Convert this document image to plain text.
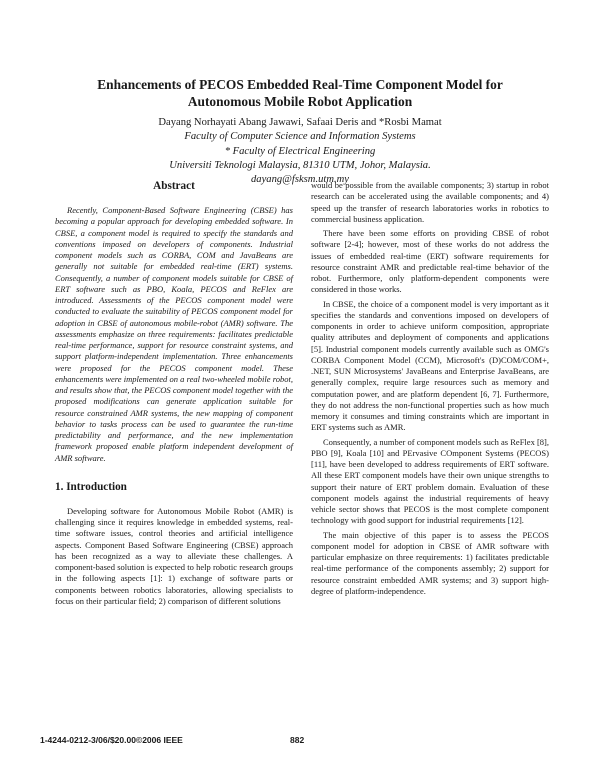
Enhancements of PECOS Embedded Real-Time Component Model for Autonomous Mobile Robot Application
Dayang Norhayati Abang Jawawi, Safaai Deris and *Rosbi Mamat
Faculty of Computer Science and Information Systems
* Faculty of Electrical Engineering
Universiti Teknologi Malaysia, 81310 UTM, Johor, Malaysia.
dayang@fsksm.utm.my
Abstract

Recently, Component-Based Software Engineering (CBSE) has becoming a popular approach for developing embedded software. In CBSE, a component model is required to specify the standards and conventions imposed on developers of components. Industrial component models such as CORBA, COM and JavaBeans are generally not suitable for embedded real-time (ERT) systems. Consequently, a number of component models suitable for CBSE of ERT software such as PBO, Koala, PECOS and ReFlex are introduced. Assessments of the PECOS component model were conducted to evaluate the suitability of PECOS component model for adoption in CBSE of autonomous mobile-robot (AMR) software. The assessments emphasize on three requirements: facilitates predictable real-time performance, support for resource constraint systems, and support platform-independent implementation. Three enhancements were proposed for the PECOS component model. These enhancements were implemented on a real two-wheeled mobile robot, and results show that, the PECOS component model together with the proposed modifications can generate application suitable for resource constrained AMR systems, the new mapping of component behavior to tasks process can be used to guarantee the run-time predictability and performance, and the new implementation framework proposed enable platform independent development of AMR software.

1. Introduction

Developing software for Autonomous Mobile Robot (AMR) is challenging since it requires knowledge in embedded systems, real-time software issues, control theories and artificial intelligence aspects. Component Based Software Engineering (CBSE) approach has been recognized as a way to alleviate these challenges. A component-based solution is expected to help robotic research groups in the following aspects [1]: 1) exchange of software parts or components between robotics laboratories, allowing specialists to focus on their particular field; 2) comparison of different solutions

would be possible from the available components; 3) startup in robot research can be accelerated using the available components; and 4) speed up the transfer of research laboratories works in robotics to commercial business application.

There have been some efforts on providing CBSE of robot software [2-4]; however, most of these works do not address the issues of embedded real-time (ERT) software requirements for resource constraint AMR and predictable real-time behavior of the robot. Furthermore, only platform-dependent components were considered in those works.

In CBSE, the choice of a component model is very important as it specifies the standards and conventions imposed on developers of components in order to achieve uniform composition, appropriate quality attributes and deployment of components and applications [5]. Industrial component models currently available such as OMG's CORBA Component Model (CCM), Microsoft's (D)COM/COM+, .NET, SUN Microsystems' JavaBeans and Enterprise JavaBeans, are generally complex, require large resources such as memory and computation power, and are platform dependent [6, 7]. Furthermore, they do not address the non-functional properties such as how much memory it consumes and timing constraints which are important in ERT systems such as AMR.

Consequently, a number of component models such as ReFlex [8], PBO [9], Koala [10] and PErvasive COmponent Systems (PECOS) [11], have been developed to address requirements of ERT software. All these ERT component models have their own unique strengths to support their nature of ERT problem domain. Evaluation of these component models against the industrial requirements of heavy vehicle sector shows that PECOS is the most complete component technology with good support for industrial requirements [12].

The main objective of this paper is to assess the PECOS component model for adoption in CBSE of AMR software with particular emphasize on three requirements: 1) facilitates predictable real-time performance of the components assembly; 2) support for resource constraint embedded AMR systems; and 3) support high-degree of platform-independence.

1-4244-0212-3/06/$20.00©2006 IEEE	882
